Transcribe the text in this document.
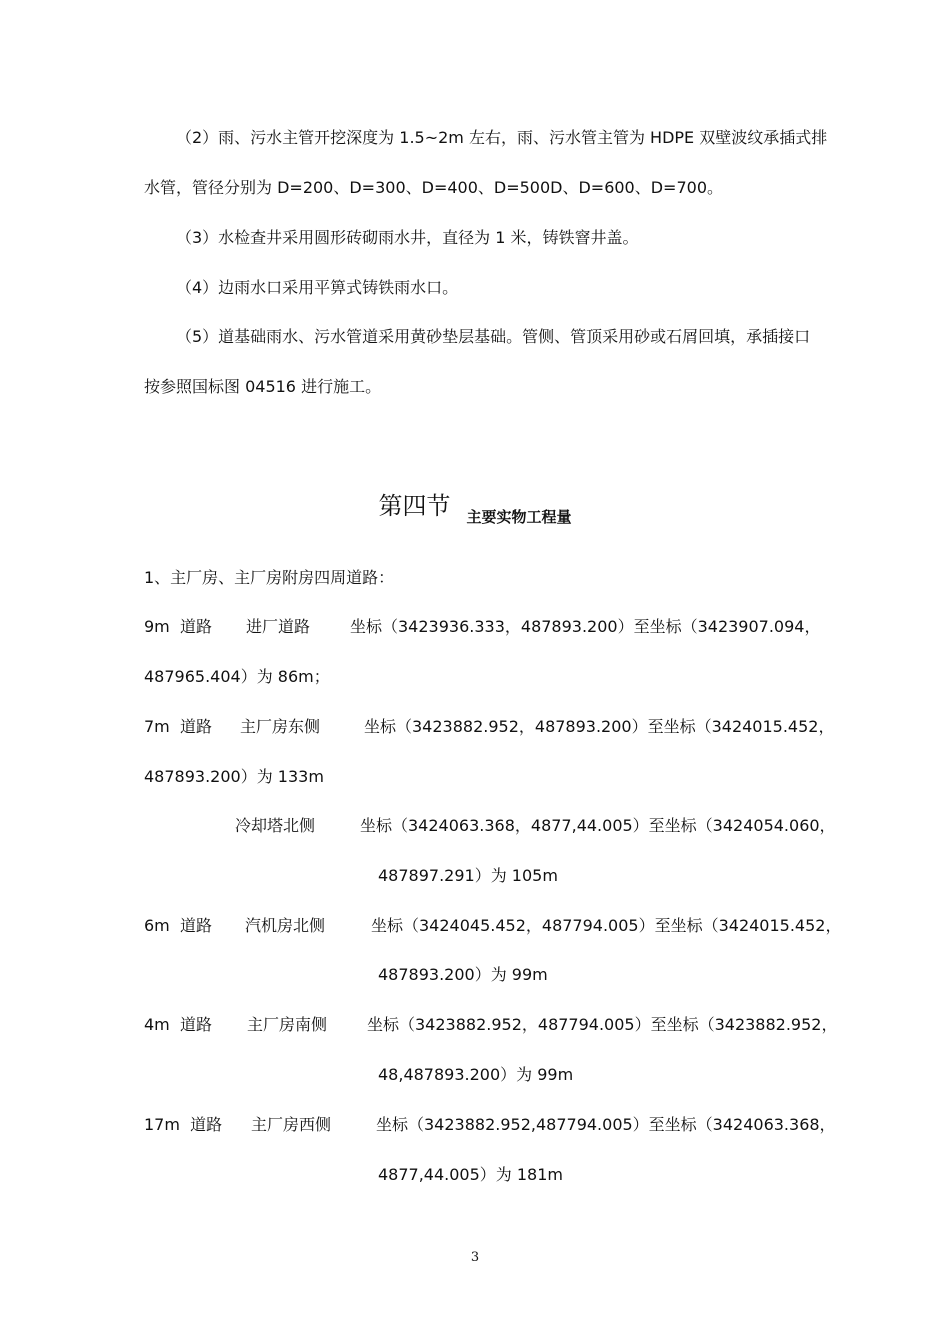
（2）雨、污水主管开挖深度为 1.5~2m 左右，雨、污水管主管为 HDPE 双壁波纹承插式排

水管，管径分别为 D=200、D=300、D=400、D=500D、D=600、D=700。

（3）水检查井采用圆形砖砌雨水井，直径为 1 米，铸铁窨井盖。

（4）边雨水口采用平箅式铸铁雨水口。

（5）道基础雨水、污水管道采用黄砂垫层基础。管侧、管顶采用砂或石屑回填，承插接口

按参照国标图 04516 进行施工。

第四节 主要实物工程量

1、主厂房、主厂房附房四周道路：

9m  道路 进厂道路 坐标（3423936.333，487893.200）至坐标（3423907.094，
487965.404）为 86m；
7m  道路 主厂房东侧	坐标（3423882.952，487893.200）至坐标（3424015.452，
487893.200）为 133m
冷却塔北侧	坐标（3424063.368，4877,44.005）至坐标（3424054.060，
487897.291）为 105m
6m  道路 汽机房北侧	坐标（3424045.452，487794.005）至坐标（3424015.452，
487893.200）为 99m
4m  道路 主厂房南侧 坐标（3423882.952，487794.005）至坐标（3423882.952，
48,487893.200）为 99m
17m  道路 主厂房西侧	坐标（3423882.952,487794.005）至坐标（3424063.368，
4877,44.005）为 181m
3
